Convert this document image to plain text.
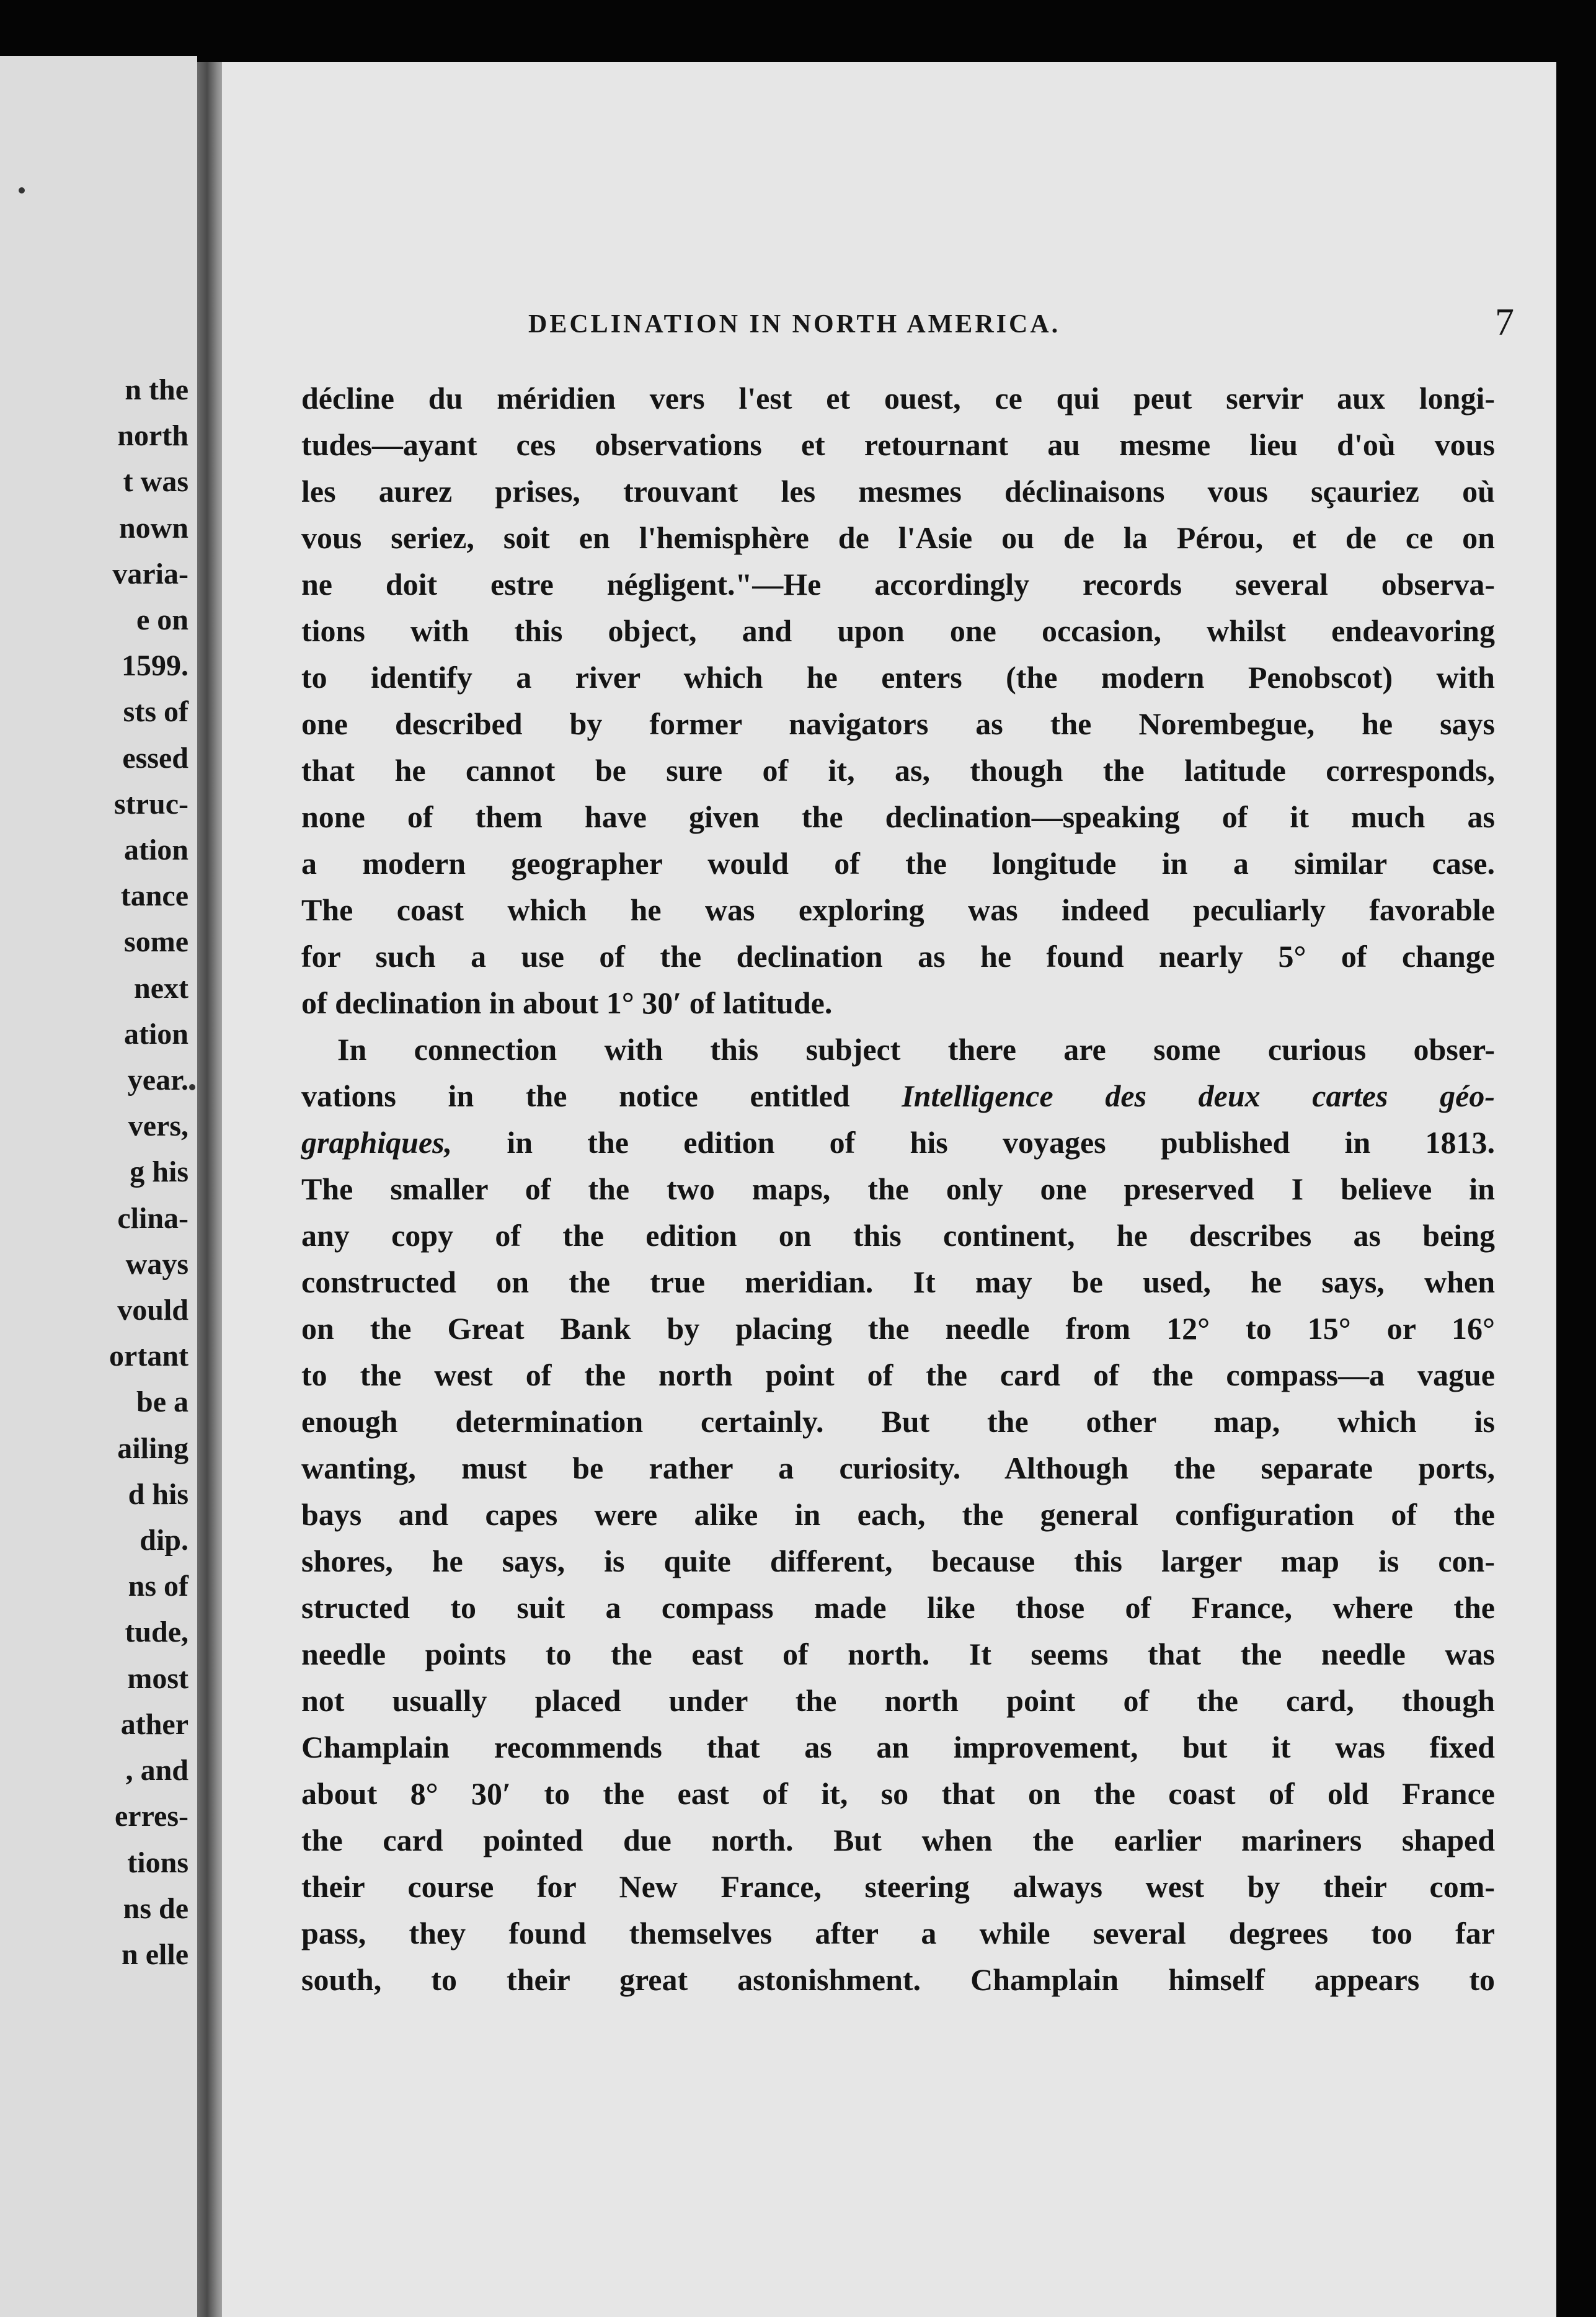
n the
north
t was
nown
varia-
e on
1599.
sts of
essed
struc-
ation
tance
some
next
ation
year.
vers,
g his
clina-
ways
vould
ortant
be a
ailing
d his
dip.
ns of
tude,
most
ather
, and
erres-
tions
ns de
n elle
DECLINATION IN NORTH AMERICA.	7
décline du méridien vers l'est et ouest, ce qui peut servir aux longi-
tudes—ayant ces observations et retournant au mesme lieu d'où vous
les aurez prises, trouvant les mesmes déclinaisons vous sçauriez où
vous seriez, soit en l'hemisphère de l'Asie ou de la Pérou, et de ce on
ne doit estre négligent."—He accordingly records several observa-
tions with this object, and upon one occasion, whilst endeavoring
to identify a river which he enters (the modern Penobscot) with
one described by former navigators as the Norembegue, he says
that he cannot be sure of it, as, though the latitude corresponds,
none of them have given the declination—speaking of it much as
a modern geographer would of the longitude in a similar case.
The coast which he was exploring was indeed peculiarly favorable
for such a use of the declination as he found nearly 5° of change
of declination in about 1° 30′ of latitude.
In connection with this subject there are some curious obser-
vations in the notice entitled Intelligence des deux cartes géo-
graphiques, in the edition of his voyages published in 1813.
The smaller of the two maps, the only one preserved I believe in
any copy of the edition on this continent, he describes as being
constructed on the true meridian. It may be used, he says, when
on the Great Bank by placing the needle from 12° to 15° or 16°
to the west of the north point of the card of the compass—a vague
enough determination certainly. But the other map, which is
wanting, must be rather a curiosity. Although the separate ports,
bays and capes were alike in each, the general configuration of the
shores, he says, is quite different, because this larger map is con-
structed to suit a compass made like those of France, where the
needle points to the east of north. It seems that the needle was
not usually placed under the north point of the card, though
Champlain recommends that as an improvement, but it was fixed
about 8° 30′ to the east of it, so that on the coast of old France
the card pointed due north. But when the earlier mariners shaped
their course for New France, steering always west by their com-
pass, they found themselves after a while several degrees too far
south, to their great astonishment. Champlain himself appears to
